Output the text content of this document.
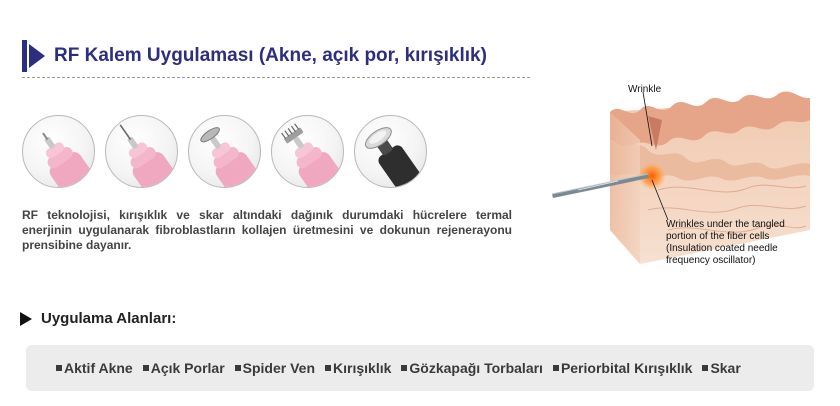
RF Kalem Uygulaması (Akne, açık por, kırışıklık)

RF teknolojisi, kırışıklık ve skar altındaki dağınık durumdaki hücrelere termal enerjinin uygulanarak fibroblastların kollajen üretmesini ve dokunun rejenerayonu prensibine dayanır.

Wrinkle
Wrinkles under the tangled portion of the fiber cells (Insulation coated needle frequency oscillator)
Uygulama Alanları:
Aktif Akne Açık Porlar Spider Ven Kırışıklık Gözkapağı Torbaları Periorbital Kırışıklık Skar
